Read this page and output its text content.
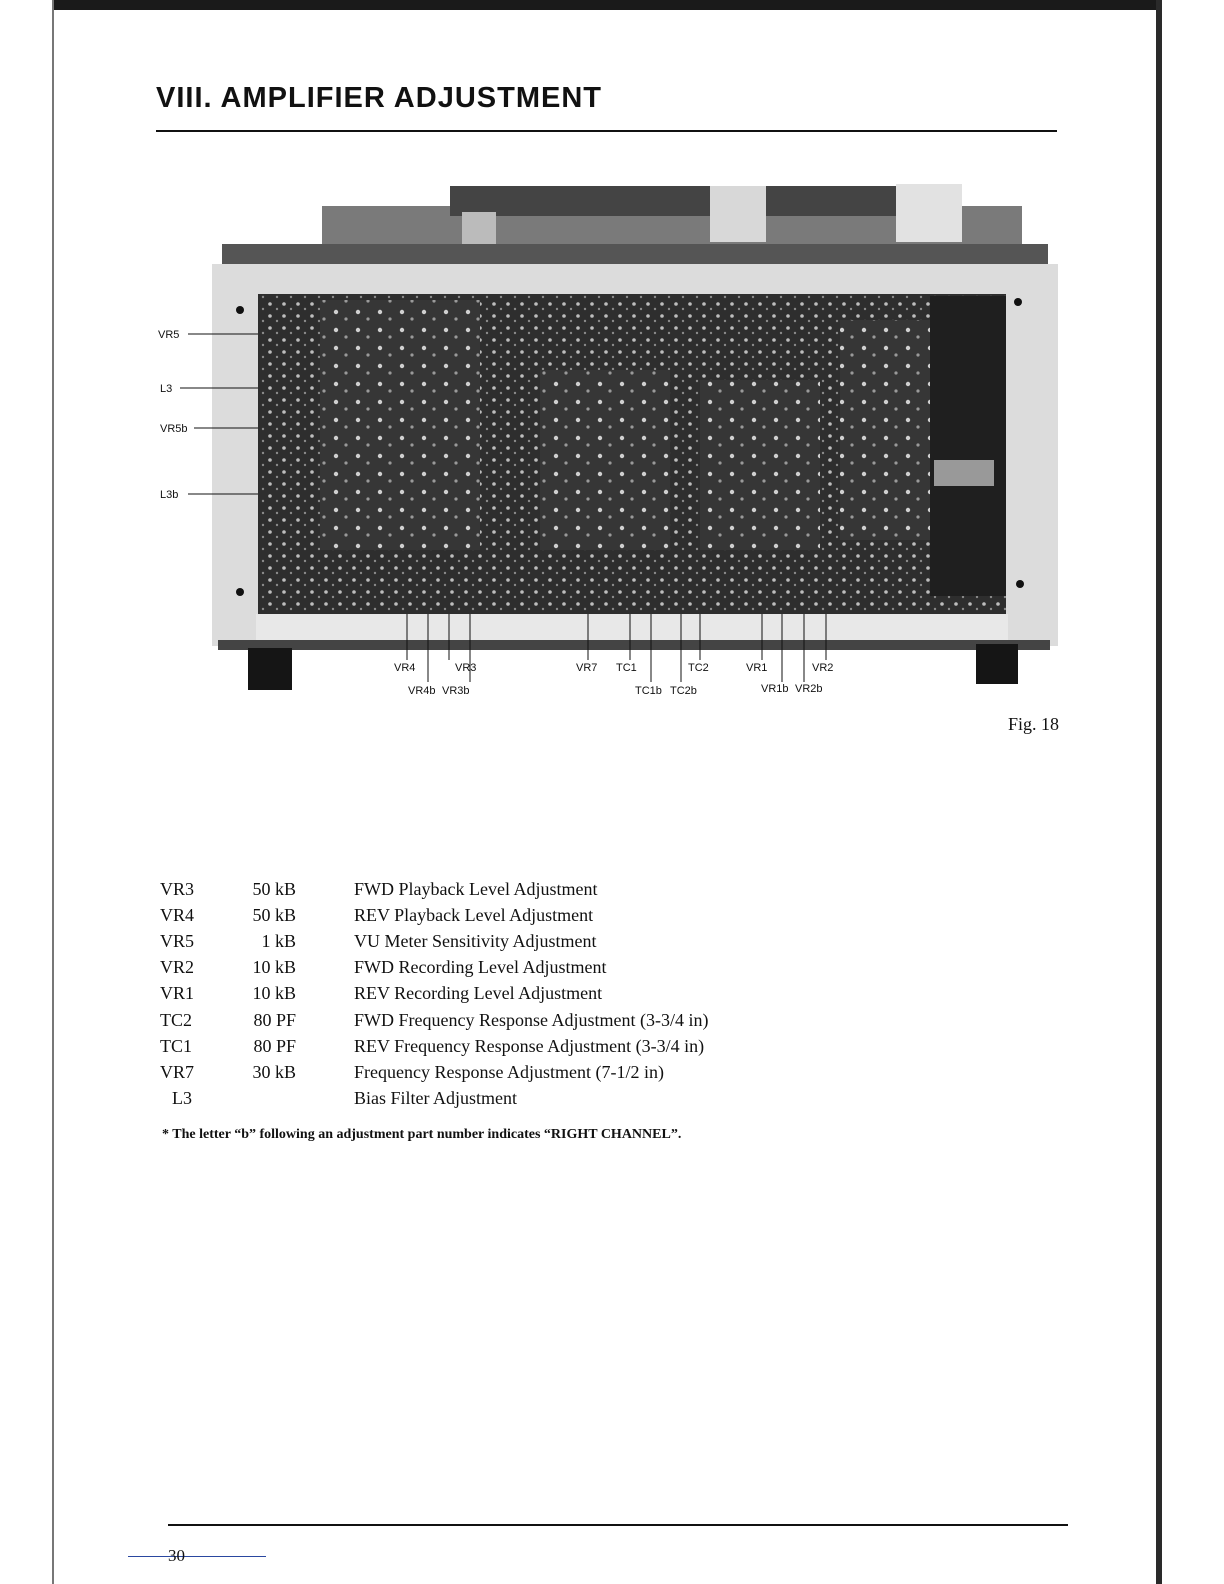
VIII. AMPLIFIER ADJUSTMENT
VR5
L3
VR5b
L3b
VR4	VR3	VR7 TC1	TC2	VR1	VR2
VR4b VR3b	TC1b TC2b	VR1b VR2b
Fig. 18
VR3	50 kB	FWD Playback Level Adjustment
VR4	50 kB	REV Playback Level Adjustment
VR5	1 kB	VU Meter Sensitivity Adjustment
VR2	10 kB	FWD Recording Level Adjustment
VR1	10 kB	REV Recording Level Adjustment
TC2	80 PF	FWD Frequency Response Adjustment (3-3/4 in)
TC1	80 PF	REV Frequency Response Adjustment (3-3/4 in)
VR7	30 kB	Frequency Response Adjustment (7-1/2 in)
L3		Bias Filter Adjustment
* The letter “b” following an adjustment part number indicates “RIGHT CHANNEL”.
30
